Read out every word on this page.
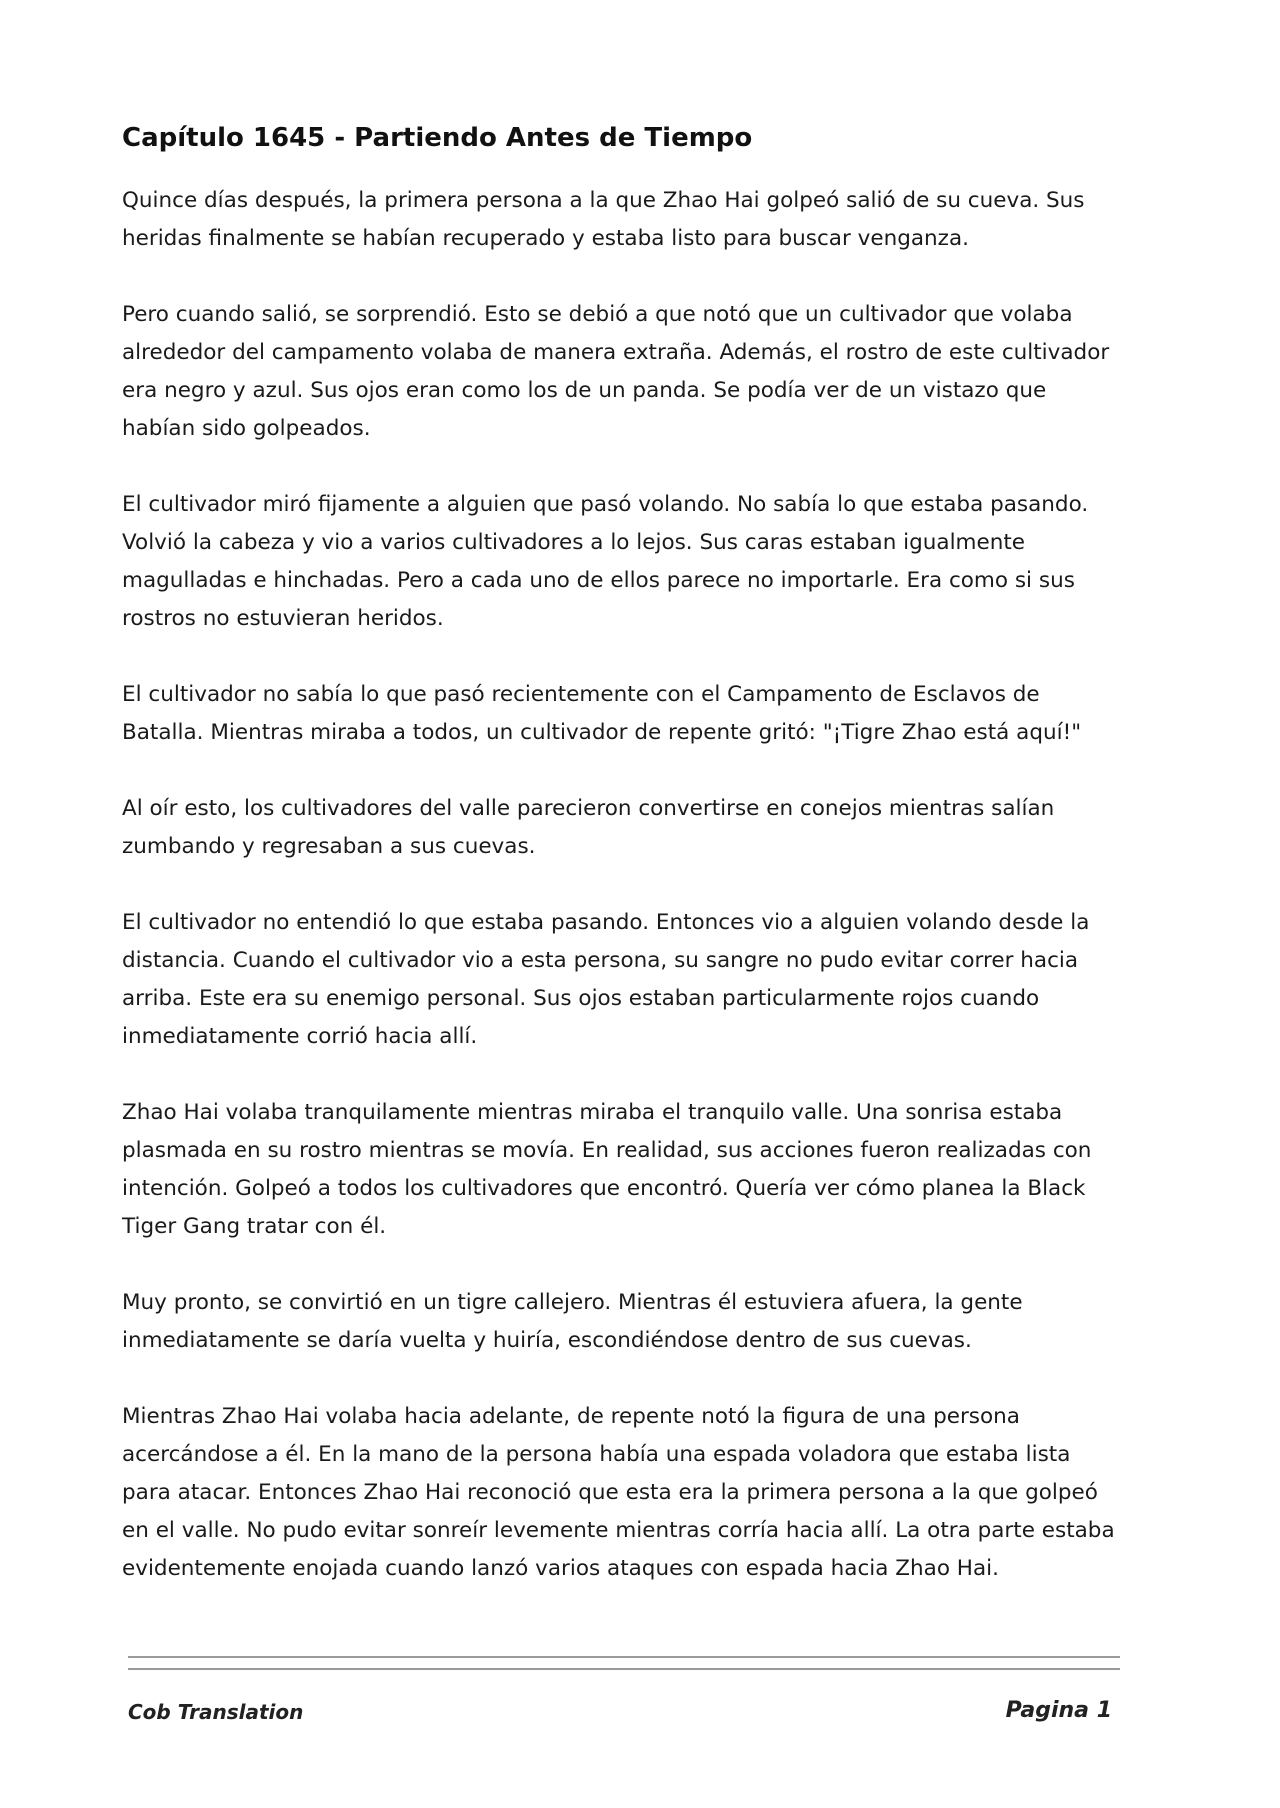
Capítulo 1645 - Partiendo Antes de Tiempo

Quince días después, la primera persona a la que Zhao Hai golpeó salió de su cueva. Sus heridas finalmente se habían recuperado y estaba listo para buscar venganza.

Pero cuando salió, se sorprendió. Esto se debió a que notó que un cultivador que volaba alrededor del campamento volaba de manera extraña. Además, el rostro de este cultivador era negro y azul. Sus ojos eran como los de un panda. Se podía ver de un vistazo que habían sido golpeados.

El cultivador miró fijamente a alguien que pasó volando. No sabía lo que estaba pasando. Volvió la cabeza y vio a varios cultivadores a lo lejos. Sus caras estaban igualmente magulladas e hinchadas. Pero a cada uno de ellos parece no importarle. Era como si sus rostros no estuvieran heridos.

El cultivador no sabía lo que pasó recientemente con el Campamento de Esclavos de Batalla. Mientras miraba a todos, un cultivador de repente gritó: "¡Tigre Zhao está aquí!"

Al oír esto, los cultivadores del valle parecieron convertirse en conejos mientras salían zumbando y regresaban a sus cuevas.

El cultivador no entendió lo que estaba pasando. Entonces vio a alguien volando desde la distancia. Cuando el cultivador vio a esta persona, su sangre no pudo evitar correr hacia arriba. Este era su enemigo personal. Sus ojos estaban particularmente rojos cuando inmediatamente corrió hacia allí.

Zhao Hai volaba tranquilamente mientras miraba el tranquilo valle. Una sonrisa estaba plasmada en su rostro mientras se movía. En realidad, sus acciones fueron realizadas con intención. Golpeó a todos los cultivadores que encontró. Quería ver cómo planea la Black Tiger Gang tratar con él.

Muy pronto, se convirtió en un tigre callejero. Mientras él estuviera afuera, la gente inmediatamente se daría vuelta y huiría, escondiéndose dentro de sus cuevas.

Mientras Zhao Hai volaba hacia adelante, de repente notó la figura de una persona acercándose a él. En la mano de la persona había una espada voladora que estaba lista para atacar. Entonces Zhao Hai reconoció que esta era la primera persona a la que golpeó en el valle. No pudo evitar sonreír levemente mientras corría hacia allí. La otra parte estaba evidentemente enojada cuando lanzó varios ataques con espada hacia Zhao Hai.

Cob Translation	Pagina 1
